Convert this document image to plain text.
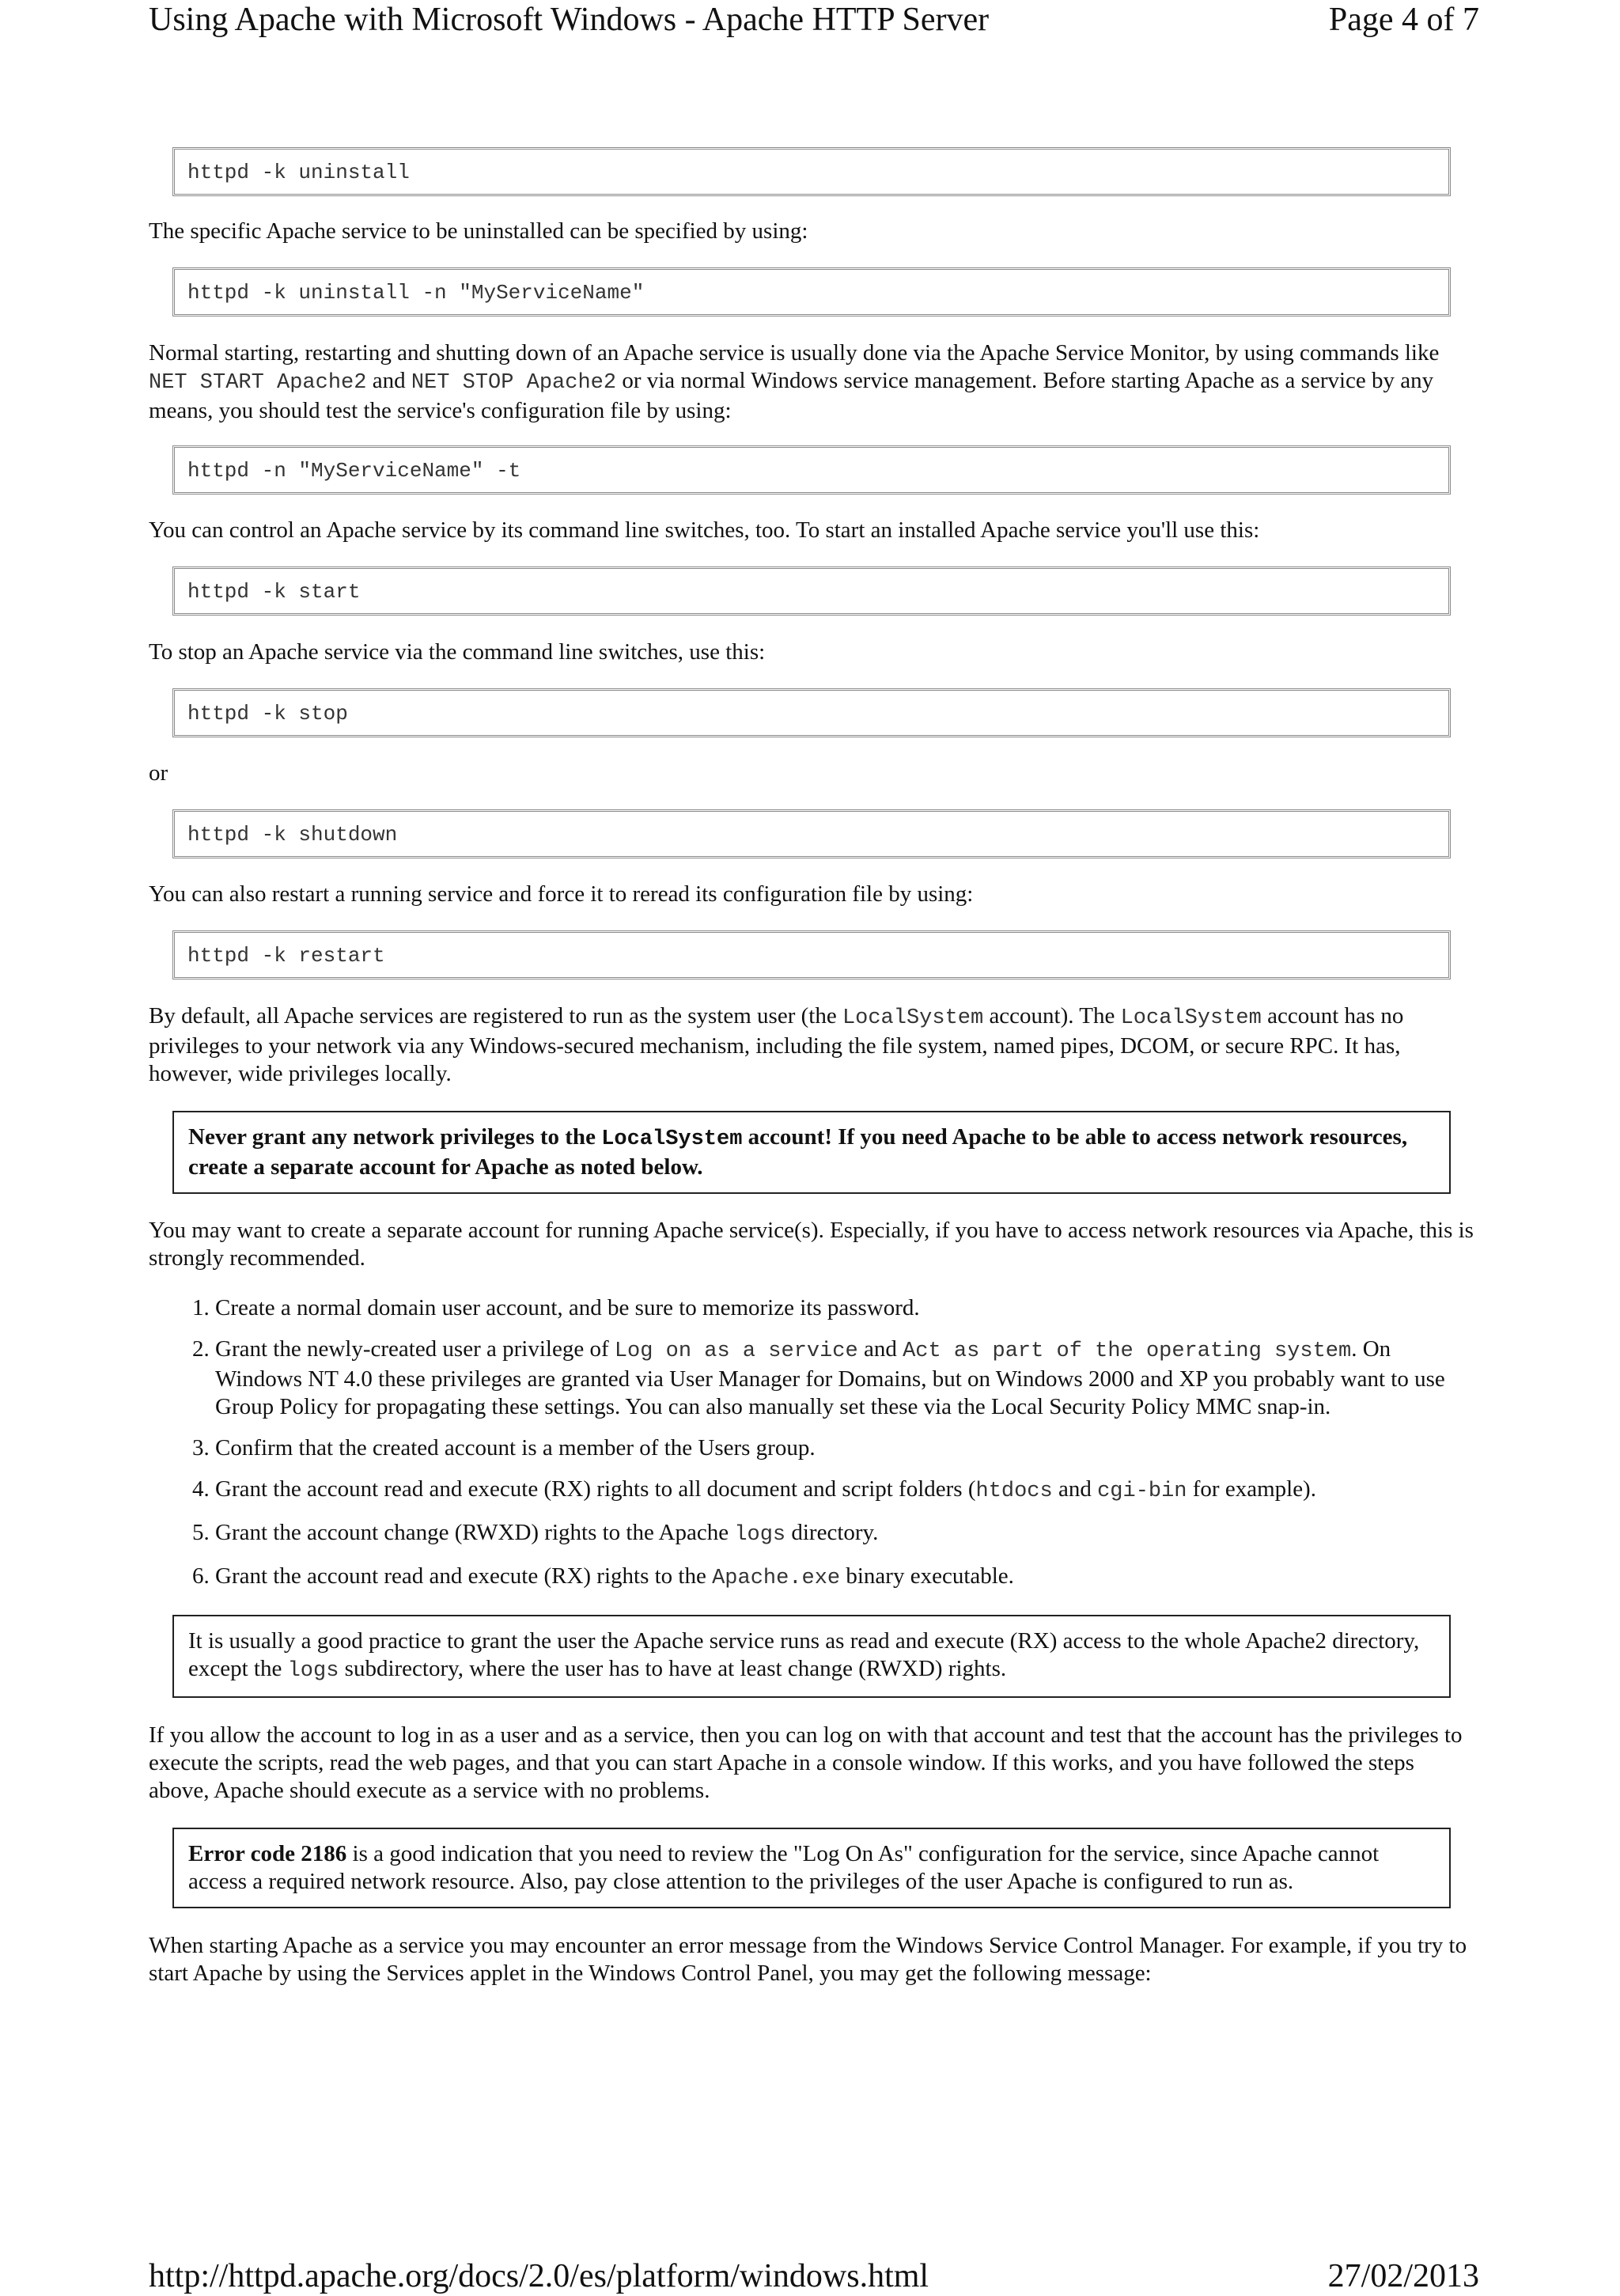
Using Apache with Microsoft Windows - Apache HTTP Server	Page 4 of 7
httpd -k uninstall

The specific Apache service to be uninstalled can be specified by using:

httpd -k uninstall -n "MyServiceName"

Normal starting, restarting and shutting down of an Apache service is usually done via the Apache Service Monitor, by using commands like NET START Apache2 and NET STOP Apache2 or via normal Windows service management. Before starting Apache as a service by any means, you should test the service's configuration file by using:

httpd -n "MyServiceName" -t

You can control an Apache service by its command line switches, too. To start an installed Apache service you'll use this:

httpd -k start

To stop an Apache service via the command line switches, use this:

httpd -k stop

or

httpd -k shutdown

You can also restart a running service and force it to reread its configuration file by using:

httpd -k restart

By default, all Apache services are registered to run as the system user (the LocalSystem account). The LocalSystem account has no privileges to your network via any Windows-secured mechanism, including the file system, named pipes, DCOM, or secure RPC. It has, however, wide privileges locally.

Never grant any network privileges to the LocalSystem account! If you need Apache to be able to access network resources, create a separate account for Apache as noted below.

You may want to create a separate account for running Apache service(s). Especially, if you have to access network resources via Apache, this is strongly recommended.

1. Create a normal domain user account, and be sure to memorize its password.
2. Grant the newly-created user a privilege of Log on as a service and Act as part of the operating system. On Windows NT 4.0 these privileges are granted via User Manager for Domains, but on Windows 2000 and XP you probably want to use Group Policy for propagating these settings. You can also manually set these via the Local Security Policy MMC snap-in.
3. Confirm that the created account is a member of the Users group.
4. Grant the account read and execute (RX) rights to all document and script folders (htdocs and cgi-bin for example).
5. Grant the account change (RWXD) rights to the Apache logs directory.
6. Grant the account read and execute (RX) rights to the Apache.exe binary executable.
It is usually a good practice to grant the user the Apache service runs as read and execute (RX) access to the whole Apache2 directory, except the logs subdirectory, where the user has to have at least change (RWXD) rights.

If you allow the account to log in as a user and as a service, then you can log on with that account and test that the account has the privileges to execute the scripts, read the web pages, and that you can start Apache in a console window. If this works, and you have followed the steps above, Apache should execute as a service with no problems.

Error code 2186 is a good indication that you need to review the "Log On As" configuration for the service, since Apache cannot access a required network resource. Also, pay close attention to the privileges of the user Apache is configured to run as.

When starting Apache as a service you may encounter an error message from the Windows Service Control Manager. For example, if you try to start Apache by using the Services applet in the Windows Control Panel, you may get the following message:

http://httpd.apache.org/docs/2.0/es/platform/windows.html	27/02/2013
